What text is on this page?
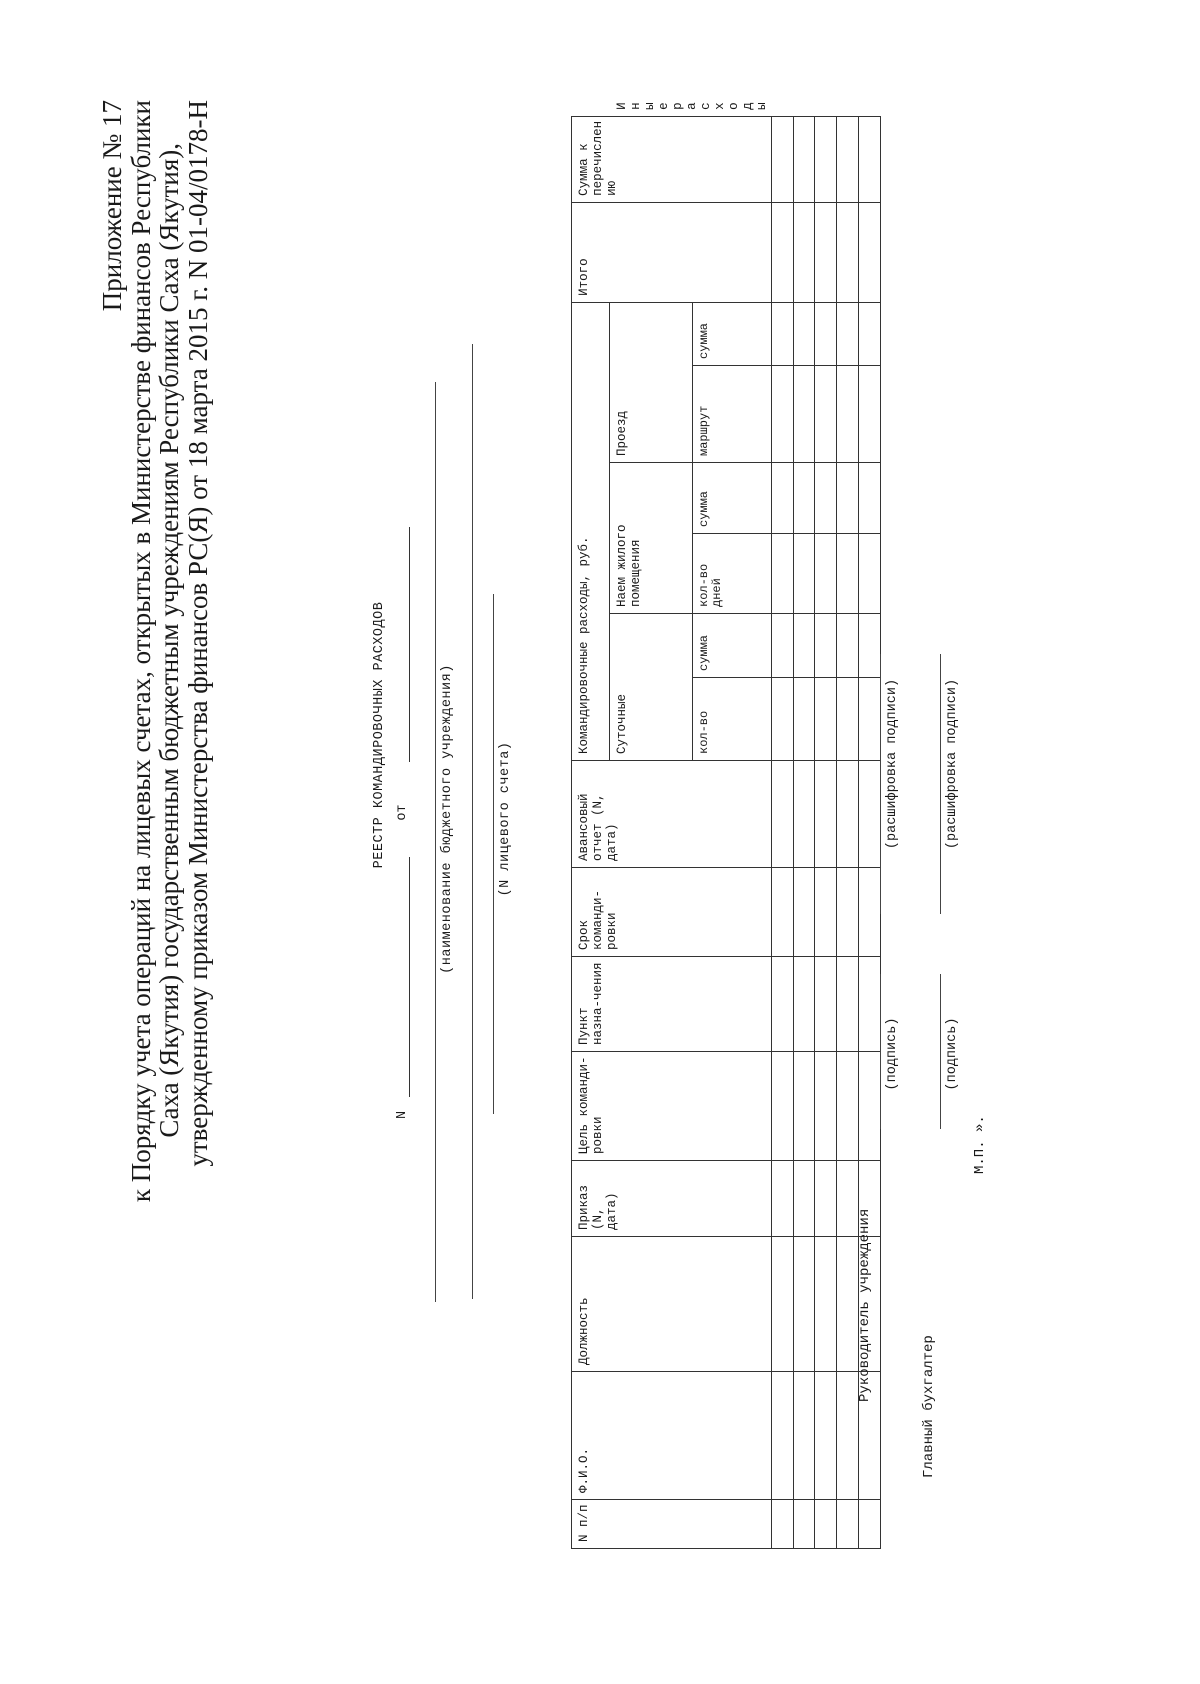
Приложение № 17
к Порядку учета операций на лицевых счетах, открытых в Министерстве финансов Республики
Саха (Якутия) государственным бюджетным учреждениям Республики Саха (Якутия),
утвержденному приказом Министерства финансов РС(Я) от 18 марта 2015 г. N 01-04/0178-Н	РЕЕСТР КОМАНДИРОВОЧНЫХ РАСХОДОВ
N  от (наименование бюджетного учреждения)	(N лицевого счета)
N п/п	Ф.И.О.	Должность	Приказ (N, дата)	Цель команди-ровки	Пункт назна-чения	Срок команди-ровки	Авансовый отчет (N, дата)	Командировочные расходы, руб.						Итого	Сумма к перечислению	
								Суточные		Наем жилого помещения		Проезд				Иные расходы
								кол-во	сумма	кол-во дней	сумма	маршрут	сумма			

Руководитель учреждения
(подпись)
(расшифровка подписи)
Главный бухгалтер
(подпись)
(расшифровка подписи)
М.П. ».
